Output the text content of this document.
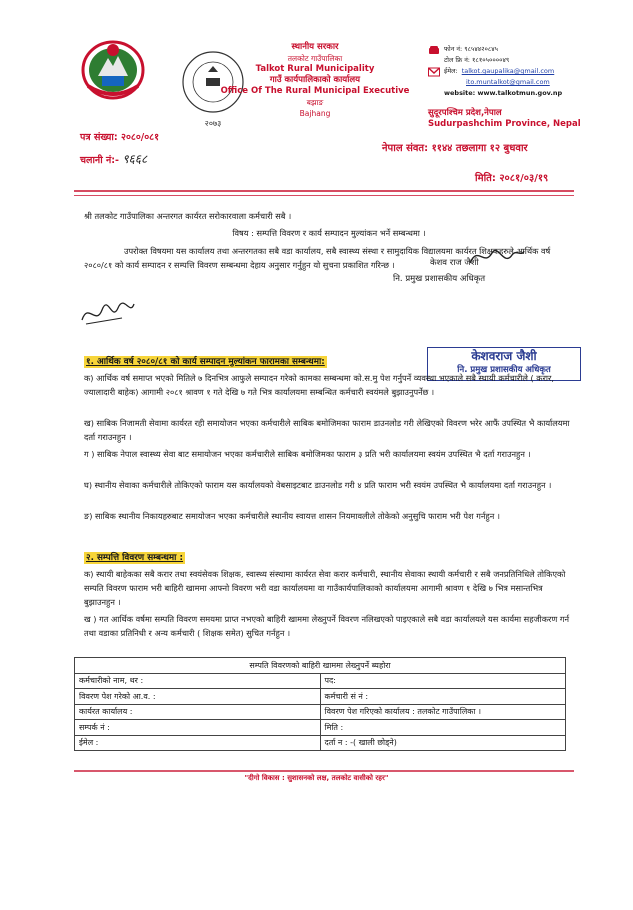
२०७३
स्थानीय सरकार
तलकोट गाउँपालिका
Talkot Rural Municipality
गाउँ कार्यपालिकाको कार्यालय
Office Of The Rural Municipal Executive
बझाङ
Bajhang
फोन नं: ९८५४४२०८४५
टोल फ्रि नं: १८१०५००००४९
ईमेल: talkot.gaupalika@gmail.com
ito.muntalkot@gmail.com
website: www.talkotmun.gov.np
सुदूरपश्चिम प्रदेश,नेपाल
Sudurpashchim Province, Nepal
पत्र संख्या: २०८०/०८१
चलानी नं:- ९६६८
नेपाल संवत: ११४४ तछलागा १२ बुधवार
मिति: २०८१/०३/१९
श्री तलकोट गाउँपालिका अन्तरगत कार्यरत सरोकारवाला कर्मचारी सबै ।
विषय : सम्पत्ति विवरण र कार्य सम्पादन मुल्यांकन भर्ने सम्बन्धमा ।
उपरोक्त विषयमा यस कार्यालय तथा अन्तरगतका सबै वडा कार्यालय, सबै स्वास्थ्य संस्था र सामुदायिक विद्यालयमा कार्यरत शिक्षकहरुले आर्थिक वर्ष २०८०/८१ को कार्य सम्पादन र सम्पत्ति विवरण सम्बन्धमा देहाय अनुसार गर्नुहुन यो सुचना प्रकाशित गरिन्छ ।	केशव राज जैशी
नि. प्रमुख प्रशासकीय अधिकृत
१. आर्थिक वर्ष २०८०/८१ को कार्य सम्पादन मुल्यांकन फारामका सम्बन्धमा:	केशवराज जैशी
नि. प्रमुख प्रशासकीय अधिकृत
क) आर्थिक वर्ष समाप्त भएको मितिले ७ दिनभित्र आफुले सम्पादन गरेको कामका सम्बन्धमा को.स.मु पेश गर्नुपर्ने व्यवस्था भएकाले सबै स्थायी कर्मचारीले ( करार, ज्यालादारी बाहेक) आगामी २०८१ श्रावण १ गते देखि ७ गते भित्र कार्यालयमा सम्बन्धित कर्मचारी स्वयंमले बुझाउनुपर्नेछ ।
ख) साबिक निजामती सेवामा कार्यरत रही समायोजन भएका कर्मचारीले साबिक बमोजिमका फाराम डाउनलोड गरी लेखिएको विवरण भरेर आफैं उपस्थित भै कार्यालयमा दर्ता गराउनहुन ।
ग ) साबिक नेपाल स्वास्थ्य सेवा बाट समायोजन भएका कर्मचारीले साबिक बमोजिमका फाराम ३ प्रति भरी कार्यालयमा स्वयंम उपस्थित भै दर्ता गराउनहुन ।
घ) स्थानीय सेवाका कर्मचारीले तोकिएको फाराम यस कार्यालयको वेबसाइटबाट डाउनलोड गरी ४ प्रति फाराम भरी स्वयंम उपस्थित भै कार्यालयमा दर्ता गराउनहुन ।
ङ) साबिक स्थानीय निकायहरुबाट समायोजन भएका कर्मचारीले स्थानीय स्वायत्त शासन नियमावलीले तोकेको अनुसुचि फाराम भरी पेश गर्नहुन ।
२. सम्पत्ति विवरण सम्बन्धमा :
क) स्थायी बाहेकका सबै करार तथा स्वयंसेवक शिक्षक, स्वास्थ्य संस्थामा कार्यरत सेवा करार कर्मचारी, स्थानीय सेवाका स्थायी कर्मचारी र सबै जनप्रतिनिधिले तोकिएको सम्पति विवरण फाराम भरी बाहिरी खाममा आफ्नो विवरण भरी वडा कार्यालयमा वा गाउँकार्यपालिकाको कार्यालयमा आगामी श्रावण १ देखि ७ भित्र मसान्तभित्र बुझाउनहुन ।
ख ) गत आर्थिक वर्षमा सम्पति विवरण समयमा प्राप्त नभएको बाहिरी खाममा लेख्नुपर्ने विवरण नलिखएको पाइएकाले सबै वडा कार्यालयले यस कार्यमा सहजीकरण गर्न तथा वडाका प्रतिनिधी र अन्य कर्मचारी ( शिक्षक समेत) सुचित गर्नहुन ।
सम्पति विवरणको बाहिरी खाममा लेख्नुपर्ने ब्यहोरा	
कर्मचारीको नाम, थर :	पद:
विवरण पेश गरेको आ.व. :	कर्मचारी सं नं :
कार्यरत कार्यालय :	विवरण पेश गरिएको कार्यालय : तलकोट गाउँपालिका ।
सम्पर्क नं :	मिति :
ईमेल :	दर्ता न : -( खाली छोड्ने)
"दीगो विकास : सुशासनको लक्ष, तलकोट वासीको रहर"
